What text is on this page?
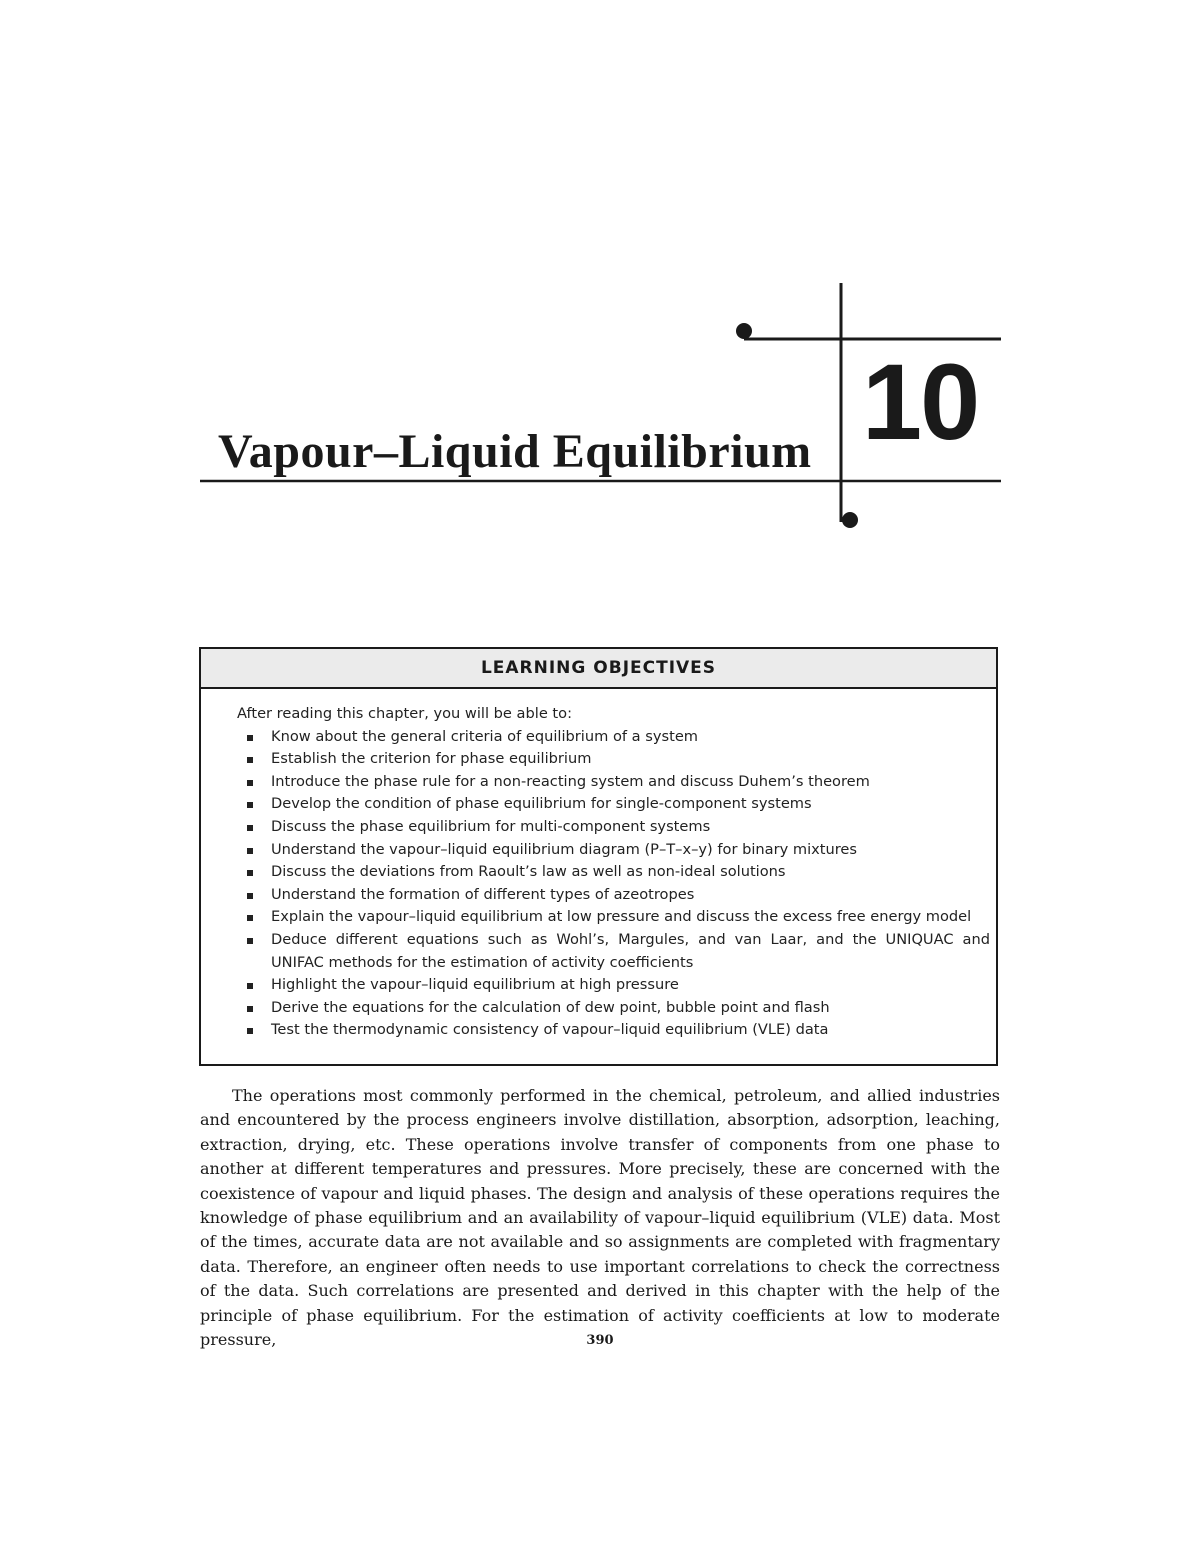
Vapour–Liquid Equilibrium 10
LEARNING OBJECTIVES
After reading this chapter, you will be able to:
Know about the general criteria of equilibrium of a system
Establish the criterion for phase equilibrium
Introduce the phase rule for a non-reacting system and discuss Duhem’s theorem
Develop the condition of phase equilibrium for single-component systems
Discuss the phase equilibrium for multi-component systems
Understand the vapour–liquid equilibrium diagram (P–T–x–y) for binary mixtures
Discuss the deviations from Raoult’s law as well as non-ideal solutions
Understand the formation of different types of azeotropes
Explain the vapour–liquid equilibrium at low pressure and discuss the excess free energy model
Deduce different equations such as Wohl’s, Margules, and van Laar, and the UNIQUAC and UNIFAC methods for the estimation of activity coefficients
Highlight the vapour–liquid equilibrium at high pressure
Derive the equations for the calculation of dew point, bubble point and flash
Test the thermodynamic consistency of vapour–liquid equilibrium (VLE) data

The operations most commonly performed in the chemical, petroleum, and allied industries and encountered by the process engineers involve distillation, absorption, adsorption, leaching, extraction, drying, etc. These operations involve transfer of components from one phase to another at different temperatures and pressures. More precisely, these are concerned with the coexistence of vapour and liquid phases. The design and analysis of these operations requires the knowledge of phase equilibrium and an availability of vapour–liquid equilibrium (VLE) data. Most of the times, accurate data are not available and so assignments are completed with fragmentary data. Therefore, an engineer often needs to use important correlations to check the correctness of the data. Such correlations are presented and derived in this chapter with the help of the principle of phase equilibrium. For the estimation of activity coefficients at low to moderate pressure,	390
